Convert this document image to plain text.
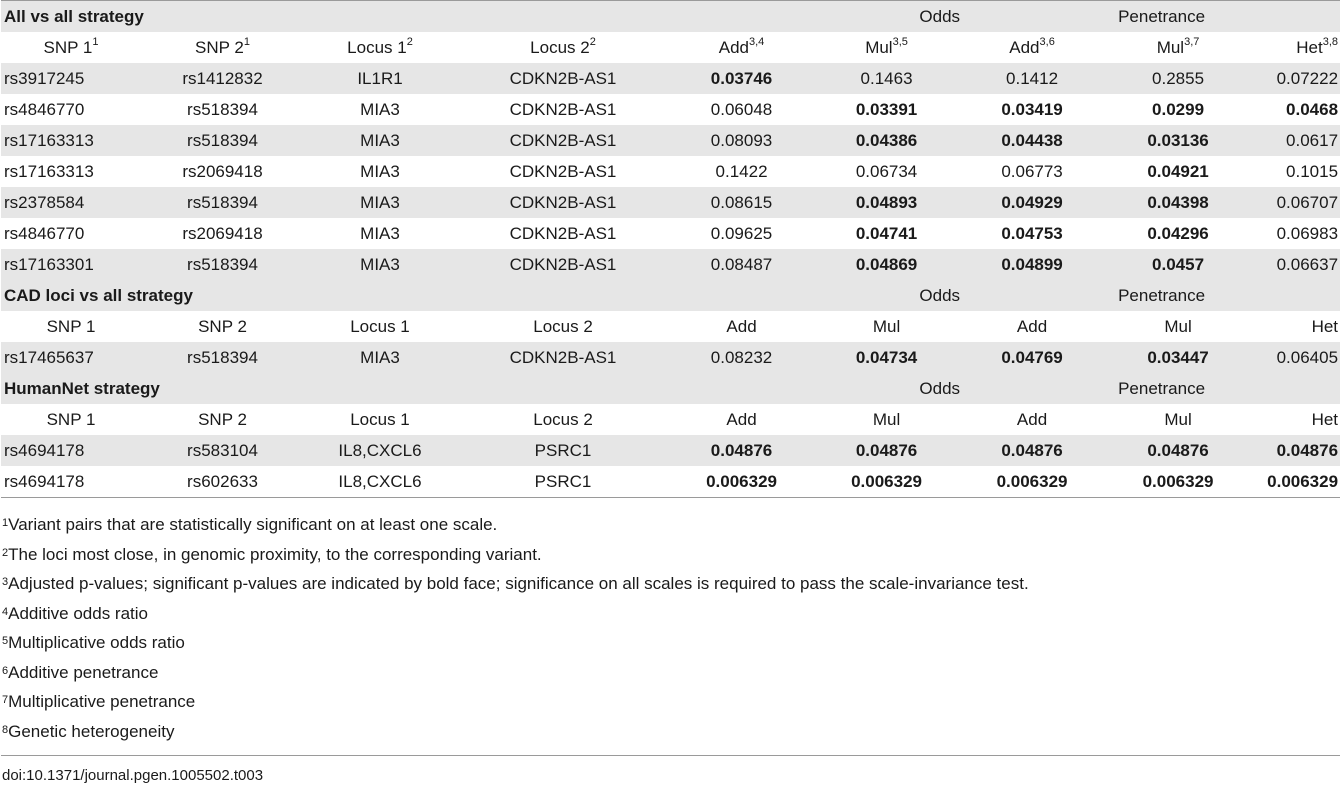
All vs all strategy				Odds		Penetrance		
SNP $1^1$	SNP $2^1$	Locus $1^2$	Locus $2^2$	Add$^{3,4}$	Mul$^{3,5}$	Add$^{3,6}$	Mul$^{3,7}$	Het$^{3,8}$
rs3917245	rs1412832	IL1R1	CDKN2B-AS1	0.03746	0.1463	0.1412	0.2855	0.07222
rs4846770	rs518394	MIA3	CDKN2B-AS1	0.06048	0.03391	0.03419	0.0299	0.0468
rs17163313	rs518394	MIA3	CDKN2B-AS1	0.08093	0.04386	0.04438	0.03136	0.0617
rs17163313	rs2069418	MIA3	CDKN2B-AS1	0.1422	0.06734	0.06773	0.04921	0.1015
rs2378584	rs518394	MIA3	CDKN2B-AS1	0.08615	0.04893	0.04929	0.04398	0.06707
rs4846770	rs2069418	MIA3	CDKN2B-AS1	0.09625	0.04741	0.04753	0.04296	0.06983
rs17163301	rs518394	MIA3	CDKN2B-AS1	0.08487	0.04869	0.04899	0.0457	0.06637
CAD loci vs all strategy				Odds		Penetrance		
SNP 1	SNP 2	Locus 1	Locus 2	Add	Mul	Add	Mul	Het
rs17465637	rs518394	MIA3	CDKN2B-AS1	0.08232	0.04734	0.04769	0.03447	0.06405
HumanNet strategy				Odds		Penetrance		
SNP 1	SNP 2	Locus 1	Locus 2	Add	Mul	Add	Mul	Het
rs4694178	rs583104	IL8,CXCL6	PSRC1	0.04876	0.04876	0.04876	0.04876	0.04876
rs4694178	rs602633	IL8,CXCL6	PSRC1	0.006329	0.006329	0.006329	0.006329	0.006329
$^1$Variant pairs that are statistically significant on at least one scale.
$^2$The loci most close, in genomic proximity, to the corresponding variant.
$^3$Adjusted p-values; significant p-values are indicated by bold face; significance on all scales is required to pass the scale-invariance test.
$^4$Additive odds ratio
$^5$Multiplicative odds ratio
$^6$Additive penetrance
$^7$Multiplicative penetrance
$^8$Genetic heterogeneity
doi:10.1371/journal.pgen.1005502.t003
